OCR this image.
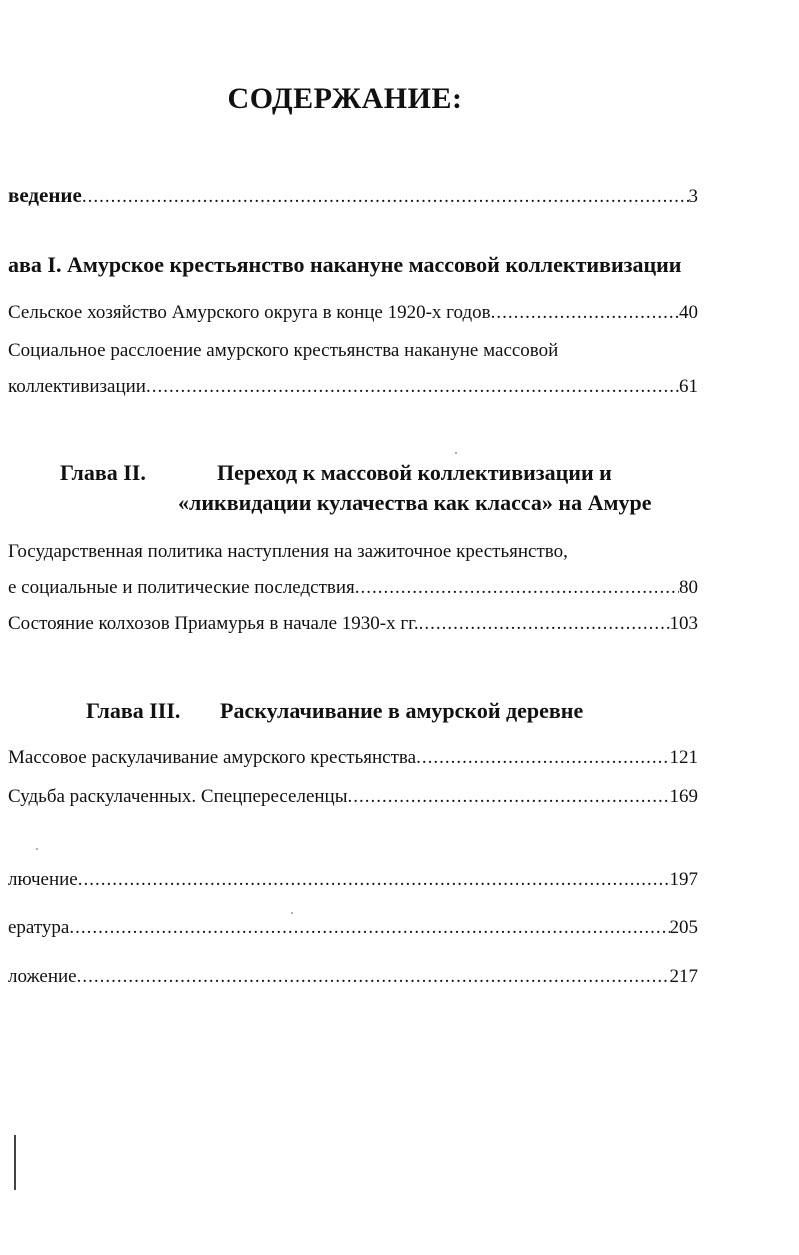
СОДЕРЖАНИЕ:
ведение .....	3
ава I. Амурское крестьянство накануне массовой коллективизации
Сельское хозяйство Амурского округа в конце 1920-х годов .....	40
Социальное расслоение амурского крестьянства накануне массовой
коллективизации .....	61
Глава II.	Переход к массовой коллективизации и
«ликвидации кулачества как класса» на Амуре
Государственная политика наступления на зажиточное крестьянство,
е социальные и политические последствия .....	80
Состояние колхозов Приамурья в начале 1930-х гг. .....	103
Глава III. Раскулачивание в амурской деревне
Массовое раскулачивание амурского крестьянства .....	121
Судьба раскулаченных. Спецпереселенцы .....	169
лючение .....	197
ература .....	205
ложение .....	217
